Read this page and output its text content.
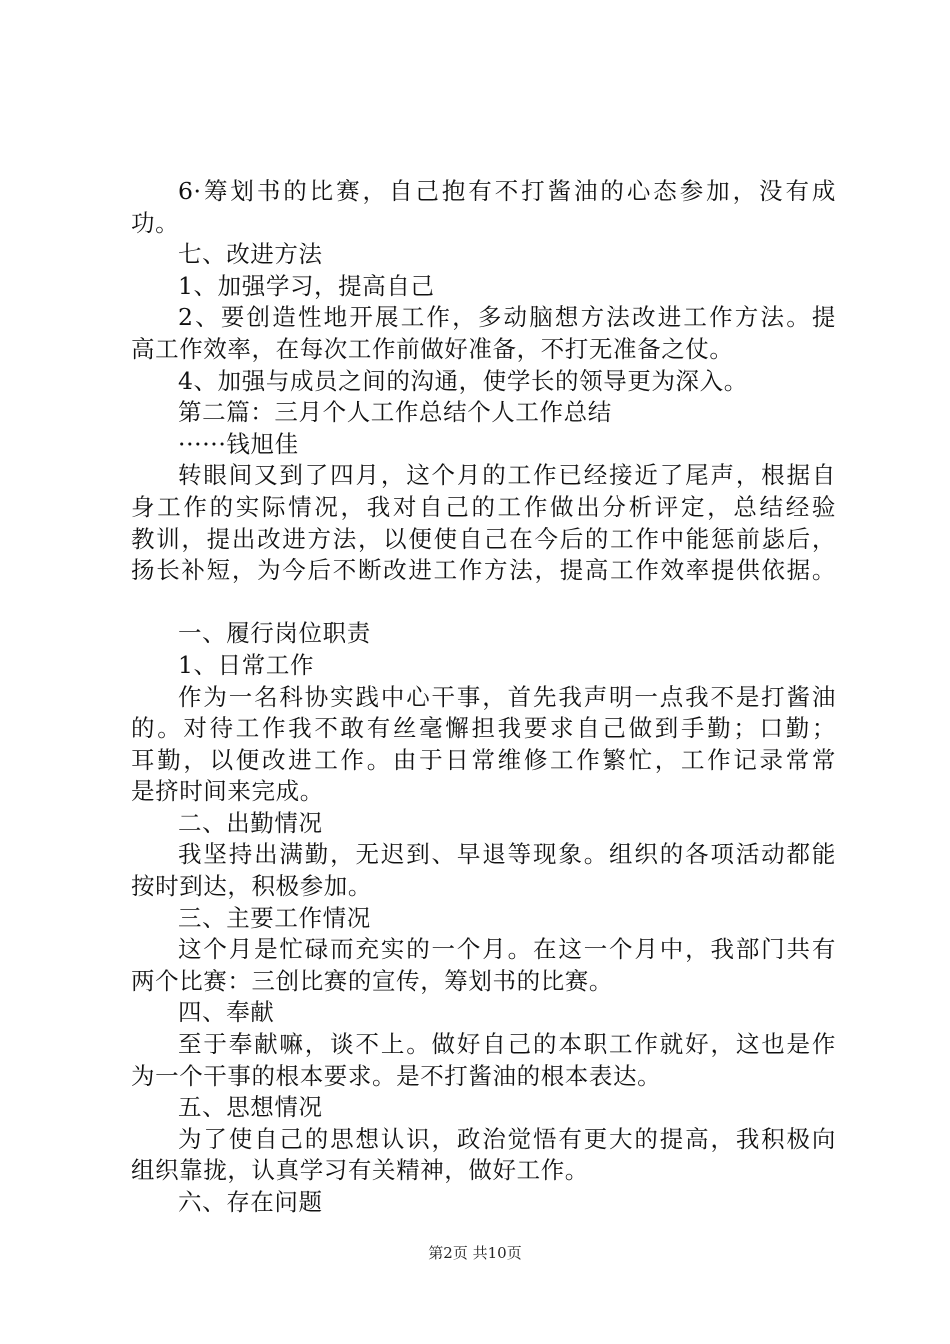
6·筹划书的比赛，自己抱有不打酱油的心态参加，没有成
功。
七、改进方法
1、加强学习，提高自己
2、要创造性地开展工作，多动脑想方法改进工作方法。提
高工作效率，在每次工作前做好准备，不打无准备之仗。
4、加强与成员之间的沟通，使学长的领导更为深入。
第二篇：三月个人工作总结个人工作总结
······钱旭佳
转眼间又到了四月，这个月的工作已经接近了尾声，根据自
身工作的实际情况，我对自己的工作做出分析评定，总结经验
教训，提出改进方法，以便使自己在今后的工作中能惩前毖后，
扬长补短，为今后不断改进工作方法，提高工作效率提供依据。
一、履行岗位职责
1、日常工作
作为一名科协实践中心干事，首先我声明一点我不是打酱油
的。对待工作我不敢有丝毫懈担我要求自己做到手勤；口勤；
耳勤，以便改进工作。由于日常维修工作繁忙，工作记录常常
是挤时间来完成。
二、出勤情况
我坚持出满勤，无迟到、早退等现象。组织的各项活动都能
按时到达，积极参加。
三、主要工作情况
这个月是忙碌而充实的一个月。在这一个月中，我部门共有
两个比赛：三创比赛的宣传，筹划书的比赛。
四、奉献
至于奉献嘛，谈不上。做好自己的本职工作就好，这也是作
为一个干事的根本要求。是不打酱油的根本表达。
五、思想情况
为了使自己的思想认识，政治觉悟有更大的提高，我积极向
组织靠拢，认真学习有关精神，做好工作。
六、存在问题
第2页 共10页
